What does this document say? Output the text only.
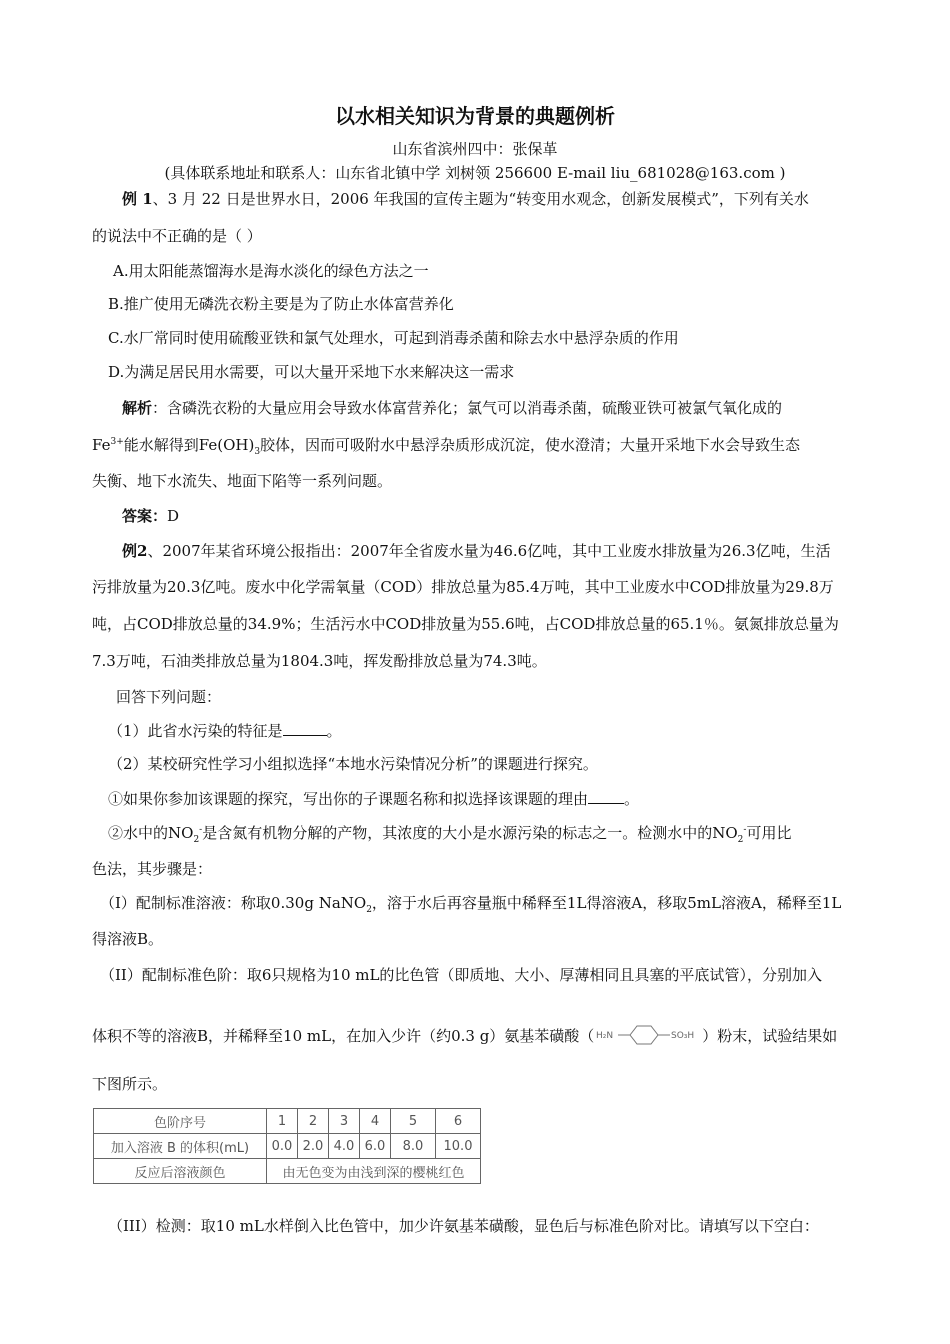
以水相关知识为背景的典题例析
山东省滨州四中：张保革
(具体联系地址和联系人：山东省北镇中学 刘树领 256600 E-mail liu_681028@163.com )
例 1、3 月 22 日是世界水日，2006 年我国的宣传主题为“转变用水观念，创新发展模式”，下列有关水
的说法中不正确的是（ ）
A.用太阳能蒸馏海水是海水淡化的绿色方法之一
B.推广使用无磷洗衣粉主要是为了防止水体富营养化
C.水厂常同时使用硫酸亚铁和氯气处理水，可起到消毒杀菌和除去水中悬浮杂质的作用
D.为满足居民用水需要，可以大量开采地下水来解决这一需求
解析：含磷洗衣粉的大量应用会导致水体富营养化；氯气可以消毒杀菌，硫酸亚铁可被氯气氧化成的
$Fe^{3+}$能水解得到$Fe(OH)_3$胶体，因而可吸附水中悬浮杂质形成沉淀，使水澄清；大量开采地下水会导致生态
失衡、地下水流失、地面下陷等一系列问题。
答案：D
例2、2007年某省环境公报指出：2007年全省废水量为46.6亿吨，其中工业废水排放量为26.3亿吨，生活
污排放量为20.3亿吨。废水中化学需氧量（COD）排放总量为85.4万吨，其中工业废水中COD排放量为29.8万
吨，占COD排放总量的34.9%；生活污水中COD排放量为55.6吨，占COD排放总量的65.1％。氨氮排放总量为
7.3万吨，石油类排放总量为1804.3吨，挥发酚排放总量为74.3吨。
回答下列问题：
（1）此省水污染的特征是	。
（2）某校研究性学习小组拟选择“本地水污染情况分析”的课题进行探究。
①如果你参加该课题的探究，写出你的子课题名称和拟选择该课题的理由 。
②水中的$NO_2^-$是含氮有机物分解的产物，其浓度的大小是水源污染的标志之一。检测水中的$NO_2^-$可用比
色法，其步骤是：
（I）配制标准溶液：称取0.30g NaNO$_2$，溶于水后再容量瓶中稀释至1L得溶液A，移取5mL溶液A，稀释至1L
得溶液B。
（II）配制标准色阶：取6只规格为10 mL的比色管（即质地、大小、厚薄相同且具塞的平底试管），分别加入
体积不等的溶液B，并稀释至10 mL，在加入少许（约0.3 g）氨基苯磺酸（ H₂N	SO₃H ）粉末，试验结果如
下图所示。
色阶序号	1	2	3	4	5	6
加入溶液 B 的体积(mL)	0.0	2.0	4.0	6.0	8.0	10.0
反应后溶液颜色	由无色变为由浅到深的樱桃红色					
（III）检测：取10 mL水样倒入比色管中，加少许氨基苯磺酸，显色后与标准色阶对比。请填写以下空白：
